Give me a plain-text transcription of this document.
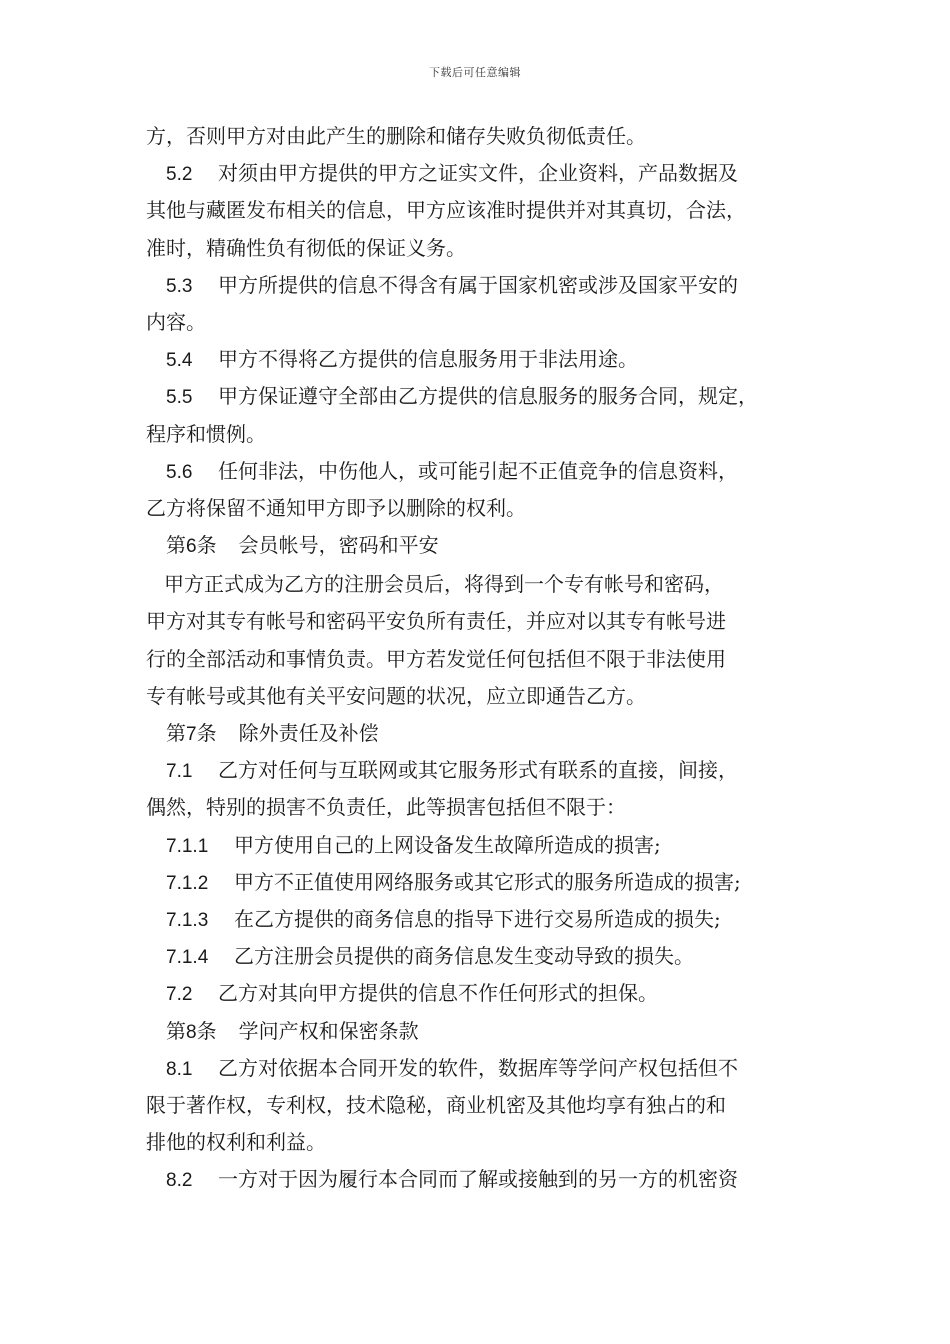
下载后可任意编辑
方，否则甲方对由此产生的删除和储存失败负彻低责任。
5.2 对须由甲方提供的甲方之证实文件，企业资料，产品数据及
其他与藏匿发布相关的信息，甲方应该准时提供并对其真切，合法，
准时，精确性负有彻低的保证义务。
5.3 甲方所提供的信息不得含有属于国家机密或涉及国家平安的
内容。
5.4 甲方不得将乙方提供的信息服务用于非法用途。
5.5 甲方保证遵守全部由乙方提供的信息服务的服务合同，规定，
程序和惯例。
5.6 任何非法，中伤他人，或可能引起不正值竞争的信息资料，
乙方将保留不通知甲方即予以删除的权利。
第6条 会员帐号，密码和平安
甲方正式成为乙方的注册会员后，将得到一个专有帐号和密码，
甲方对其专有帐号和密码平安负所有责任，并应对以其专有帐号进
行的全部活动和事情负责。甲方若发觉任何包括但不限于非法使用
专有帐号或其他有关平安问题的状况，应立即通告乙方。
第7条 除外责任及补偿
7.1 乙方对任何与互联网或其它服务形式有联系的直接，间接，
偶然，特别的损害不负责任，此等损害包括但不限于：
7.1.1 甲方使用自己的上网设备发生故障所造成的损害;
7.1.2 甲方不正值使用网络服务或其它形式的服务所造成的损害;
7.1.3 在乙方提供的商务信息的指导下进行交易所造成的损失;
7.1.4 乙方注册会员提供的商务信息发生变动导致的损失。
7.2 乙方对其向甲方提供的信息不作任何形式的担保。
第8条 学问产权和保密条款
8.1 乙方对依据本合同开发的软件，数据库等学问产权包括但不
限于著作权，专利权，技术隐秘，商业机密及其他均享有独占的和
排他的权利和利益。
8.2 一方对于因为履行本合同而了解或接触到的另一方的机密资
